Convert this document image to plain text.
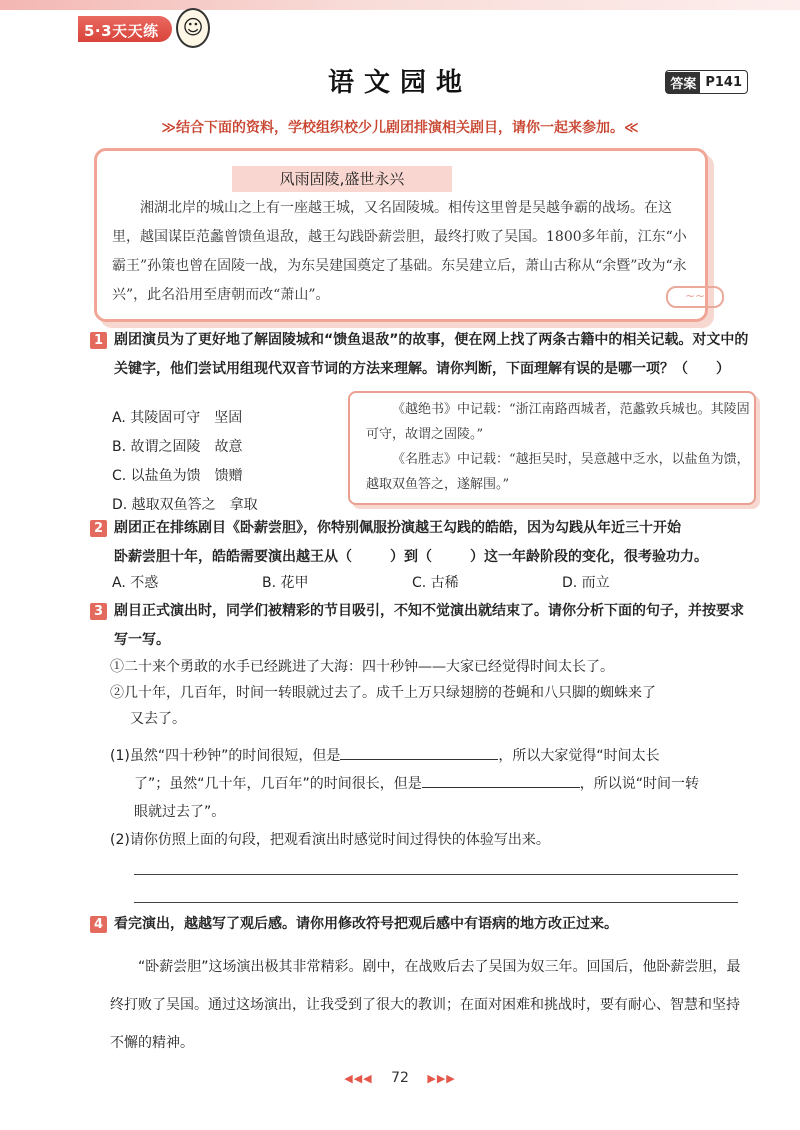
5·3天天练	☺
语文园地	答案 P141
≫结合下面的资料，学校组织校少儿剧团排演相关剧目，请你一起来参加。≪
风雨固陵,盛世永兴
湘湖北岸的城山之上有一座越王城，又名固陵城。相传这里曾是吴越争霸的战场。在这里，越国谋臣范蠡曾馈鱼退敌，越王勾践卧薪尝胆，最终打败了吴国。1800多年前，江东“小霸王”孙策也曾在固陵一战，为东吴建国奠定了基础。东吴建立后，萧山古称从“余暨”改为“永兴”，此名沿用至唐朝而改“萧山”。	~~
1 剧团演员为了更好地了解固陵城和“馈鱼退敌”的故事，便在网上找了两条古籍中的相关记载。对文中的关键字，他们尝试用组现代双音节词的方法来理解。请你判断，下面理解有误的是哪一项？（　　）
A. 其陵固可守　坚固
B. 故谓之固陵　故意
C. 以盐鱼为馈　馈赠
D. 越取双鱼答之　拿取

《越绝书》中记载：“浙江南路西城者，范蠡敦兵城也。其陵固可守，故谓之固陵。”

《名胜志》中记载：“越拒吴时，吴意越中乏水，以盐鱼为馈，越取双鱼答之，遂解围。”

2 剧团正在排练剧目《卧薪尝胆》，你特别佩服扮演越王勾践的皓皓，因为勾践从年近三十开始
卧薪尝胆十年，皓皓需要演出越王从（	）到（	）这一年龄阶段的变化，很考验功力。
A. 不惑	B. 花甲	C. 古稀	D. 而立
3 剧目正式演出时，同学们被精彩的节目吸引，不知不觉演出就结束了。请你分析下面的句子，并按要求写一写。

①二十来个勇敢的水手已经跳进了大海：四十秒钟——大家已经觉得时间太长了。

②几十年，几百年，时间一转眼就过去了。成千上万只绿翅膀的苍蝇和八只脚的蜘蛛来了

又去了。

(1)虽然“四十秒钟”的时间很短，但是	，所以大家觉得“时间太长
了”；虽然“几十年，几百年”的时间很长，但是	，所以说“时间一转
眼就过去了”。
(2)请你仿照上面的句段，把观看演出时感觉时间过得快的体验写出来。
4 看完演出，越越写了观后感。请你用修改符号把观后感中有语病的地方改正过来。
“卧薪尝胆”这场演出极其非常精彩。剧中，在战败后去了吴国为奴三年。回国后，他卧薪尝胆，最终打败了吴国。通过这场演出，让我受到了很大的教训；在面对困难和挑战时，要有耐心、智慧和坚持不懈的精神。
◀◀◀ 72 ▶▶▶
